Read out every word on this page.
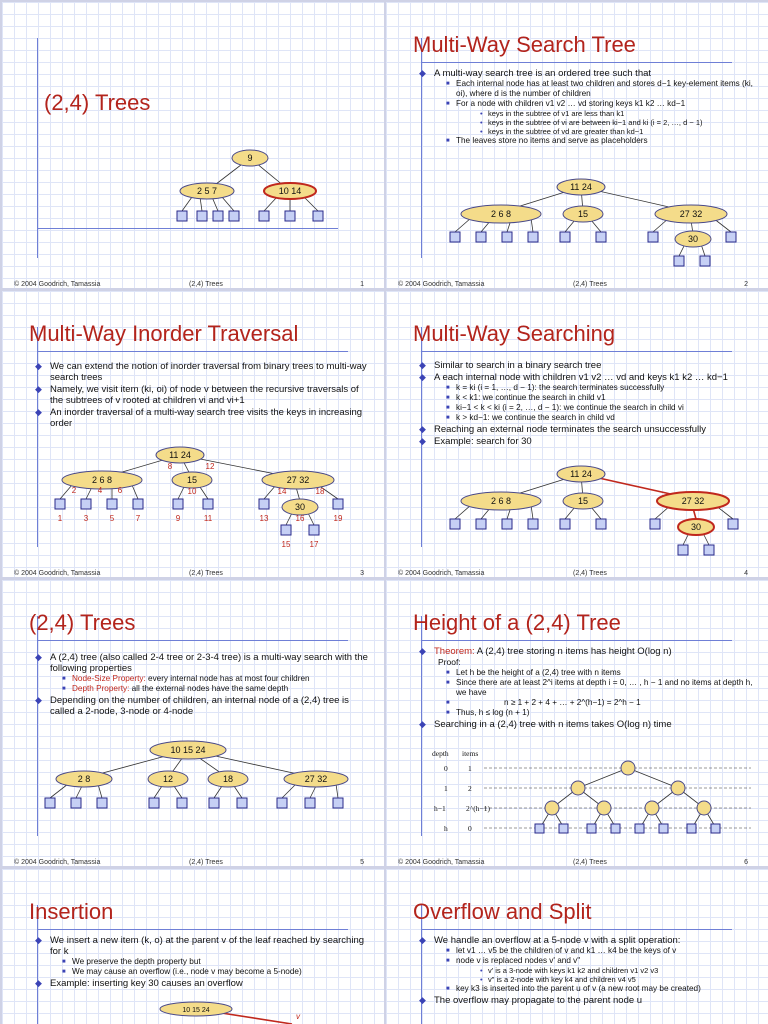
(2,4) Trees
9
2 5 7	10 14
© 2004 Goodrich, Tamassia	(2,4) Trees	1
Multi-Way Search Tree
◆ A multi-way search tree is an ordered tree such that
■ Each internal node has at least two children and stores d−1 key-element items (ki, oi), where d is the number of children
■ For a node with children v1 v2 … vd storing keys k1 k2 … kd−1
• keys in the subtree of v1 are less than k1
• keys in the subtree of vi are between ki−1 and ki (i = 2, …, d − 1)
• keys in the subtree of vd are greater than kd−1
■ The leaves store no items and serve as placeholders
11 24
2 6 8	15	27 32
30
© 2004 Goodrich, Tamassia	(2,4) Trees	2
Multi-Way Inorder Traversal
◆ We can extend the notion of inorder traversal from binary trees to multi-way search trees
◆ Namely, we visit item (ki, oi) of node v between the recursive traversals of the subtrees of v rooted at children vi and vi+1
◆ An inorder traversal of a multi-way search tree visits the keys in increasing order
11 24
2 6 8	15	27 32
30
1
2
3
4
5
6
7
8
9
10
11
12
13
14
15
16
17
18
19
© 2004 Goodrich, Tamassia	(2,4) Trees	3
Multi-Way Searching
◆ Similar to search in a binary search tree
◆ A each internal node with children v1 v2 … vd and keys k1 k2 … kd−1
■ k = ki (i = 1, …, d − 1): the search terminates successfully
■ k < k1: we continue the search in child v1
■ ki−1 < k < ki (i = 2, …, d − 1): we continue the search in child vi
■ k > kd−1: we continue the search in child vd
◆ Reaching an external node terminates the search unsuccessfully
◆ Example: search for 30
11 24
2 6 8	15	27 32
30
© 2004 Goodrich, Tamassia	(2,4) Trees	4
(2,4) Trees
◆ A (2,4) tree (also called 2-4 tree or 2-3-4 tree) is a multi-way search with the following properties
■ Node-Size Property: every internal node has at most four children
■ Depth Property: all the external nodes have the same depth
◆ Depending on the number of children, an internal node of a (2,4) tree is called a 2-node, 3-node or 4-node
10 15 24
2 8	12	18	27 32
© 2004 Goodrich, Tamassia	(2,4) Trees	5
Height of a (2,4) Tree
◆ Theorem: A (2,4) tree storing n items has height O(log n)
Proof:
■ Let h be the height of a (2,4) tree with n items
■ Since there are at least 2^i items at depth i = 0, … , h − 1 and no items at depth h, we have
■ n ≥ 1 + 2 + 4 + … + 2^(h−1) = 2^h − 1
■ Thus, h ≤ log (n + 1)
◆ Searching in a (2,4) tree with n items takes O(log n) time
depth items
0	1
1	2
h−1	2^(h−1)
h	0
© 2004 Goodrich, Tamassia	(2,4) Trees	6
Insertion
◆ We insert a new item (k, o) at the parent v of the leaf reached by searching for k
■ We preserve the depth property but
■ We may cause an overflow (i.e., node v may become a 5-node)
◆ Example: inserting key 30 causes an overflow
10 15 24
v
Overflow and Split
◆ We handle an overflow at a 5-node v with a split operation:
■ let v1 … v5 be the children of v and k1 … k4 be the keys of v
■ node v is replaced nodes v' and v"
• v' is a 3-node with keys k1 k2 and children v1 v2 v3
• v" is a 2-node with key k4 and children v4 v5
■ key k3 is inserted into the parent u of v (a new root may be created)
◆ The overflow may propagate to the parent node u
